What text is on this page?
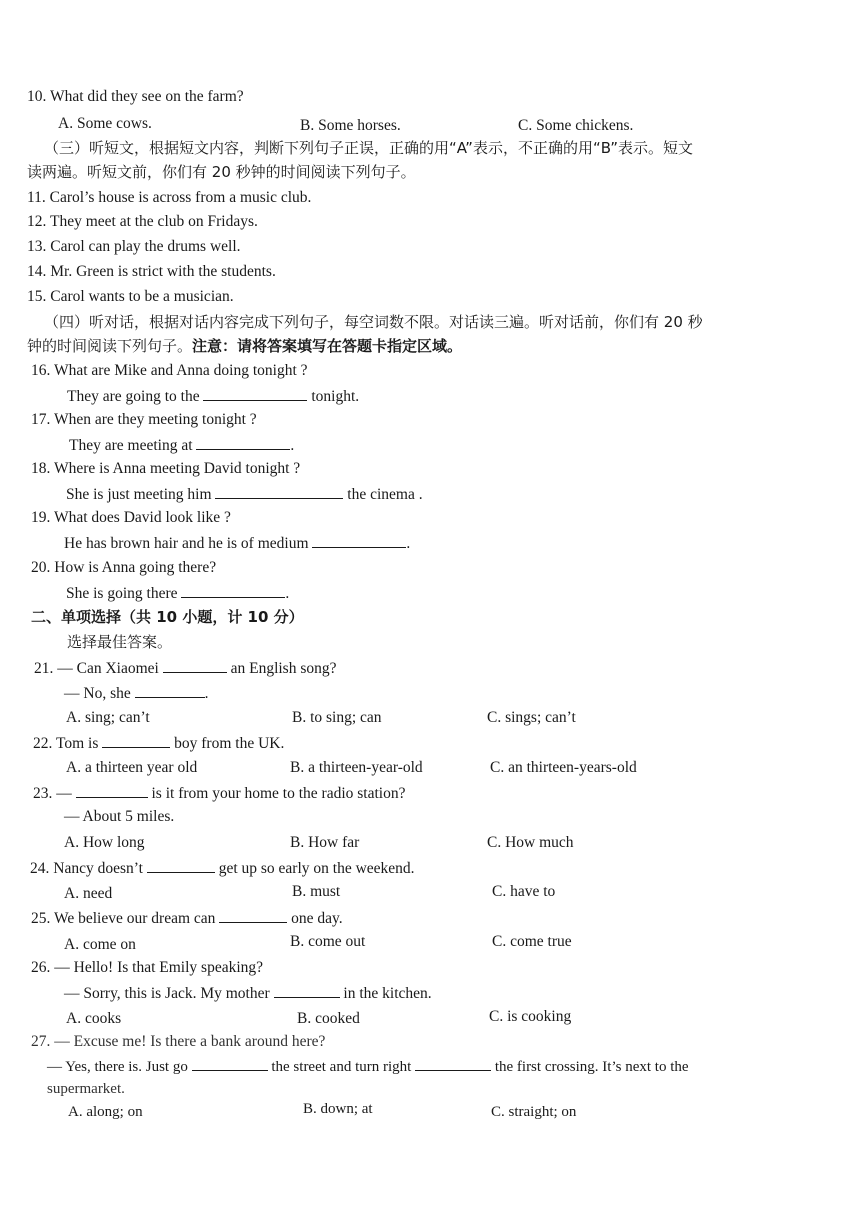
10. What did they see on the farm?
A. Some cows.	B. Some horses.	C. Some chickens.
（三）听短文，根据短文内容，判断下列句子正误，正确的用“A”表示，不正确的用“B”表示。短文
读两遍。听短文前，你们有 20 秒钟的时间阅读下列句子。
11. Carol’s house is across from a music club.
12. They meet at the club on Fridays.
13. Carol can play the drums well.
14. Mr. Green is strict with the students.
15. Carol wants to be a musician.
（四）听对话，根据对话内容完成下列句子，每空词数不限。对话读三遍。听对话前，你们有 20 秒
钟的时间阅读下列句子。注意：请将答案填写在答题卡指定区域。
16. What are Mike and Anna doing tonight ?
They are going to the	tonight.
17. When are they meeting tonight ?
They are meeting at	.
18. Where is Anna meeting David tonight ?
She is just meeting him	the cinema .
19. What does David look like ?
He has brown hair and he is of medium	.
20. How is Anna going there?
She is going there	.
二、单项选择（共 10 小题，计 10 分）
选择最佳答案。
21. — Can Xiaomei	an English song?
— No, she	.
A. sing; can’t	B. to sing; can	C. sings; can’t
22. Tom is	boy from the UK.
A. a thirteen year old	B. a thirteen-year-old	C. an thirteen-years-old
23. —	is it from your home to the radio station?
— About 5 miles.
A. How long	B. How far	C. How much
24. Nancy doesn’t	get up so early on the weekend.
A. need	B. must	C. have to
25. We believe our dream can	one day.
A. come on	B. come out	C. come true
26. — Hello! Is that Emily speaking?
— Sorry, this is Jack. My mother	in the kitchen.
A. cooks	B. cooked	C. is cooking
27. — Excuse me! Is there a bank around here?
— Yes, there is. Just go	the street and turn right	the first crossing. It’s next to the
supermarket.
A. along; on	B. down; at	C. straight; on
